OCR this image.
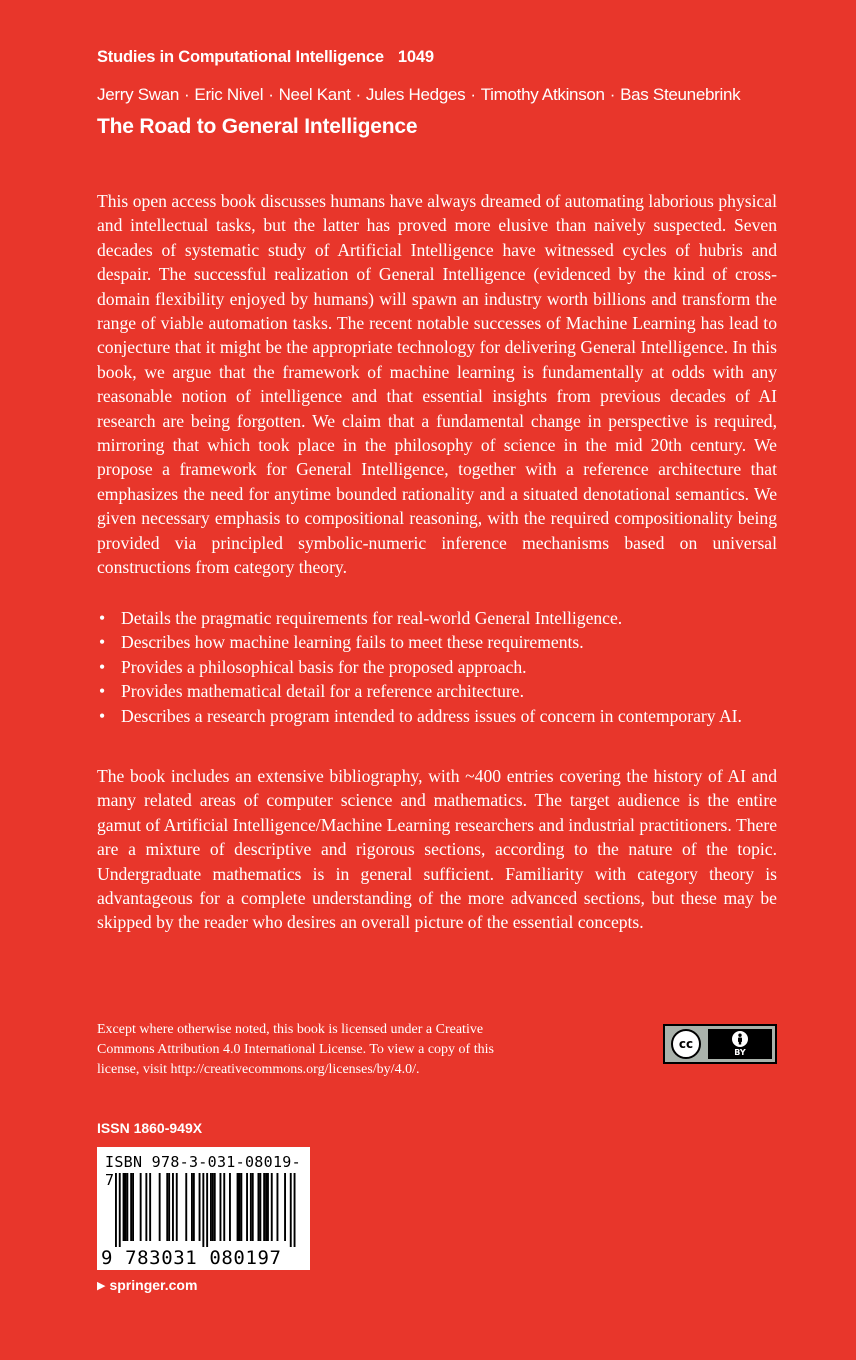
Studies in Computational Intelligence 1049
Jerry Swan · Eric Nivel · Neel Kant · Jules Hedges · Timothy Atkinson · Bas Steunebrink
The Road to General Intelligence

This open access book discusses humans have always dreamed of automating laborious physical and intellectual tasks, but the latter has proved more elusive than naively suspected. Seven decades of systematic study of Artificial Intelligence have witnessed cycles of hubris and despair. The successful realization of General Intelligence (evidenced by the kind of cross-domain flexibility enjoyed by humans) will spawn an industry worth billions and transform the range of viable automation tasks. The recent notable successes of Machine Learning has lead to conjecture that it might be the appropriate technology for delivering General Intelligence. In this book, we argue that the framework of machine learning is fundamentally at odds with any reasonable notion of intelligence and that essential insights from previous decades of AI research are being forgotten. We claim that a fundamental change in perspective is required, mirroring that which took place in the philosophy of science in the mid 20th century. We propose a framework for General Intelligence, together with a reference architecture that emphasizes the need for anytime bounded rationality and a situated denotational semantics. We given necessary emphasis to compositional reasoning, with the required compositionality being provided via principled symbolic-numeric inference mechanisms based on universal constructions from category theory.

• Details the pragmatic requirements for real-world General Intelligence.
• Describes how machine learning fails to meet these requirements.
• Provides a philosophical basis for the proposed approach.
• Provides mathematical detail for a reference architecture.
• Describes a research program intended to address issues of concern in contemporary AI.

The book includes an extensive bibliography, with ~400 entries covering the history of AI and many related areas of computer science and mathematics. The target audience is the entire gamut of Artificial Intelligence/Machine Learning researchers and industrial practitioners. There are a mixture of descriptive and rigorous sections, according to the nature of the topic. Undergraduate mathematics is in general sufficient. Familiarity with category theory is advantageous for a complete understanding of the more advanced sections, but these may be skipped by the reader who desires an overall picture of the essential concepts.

Except where otherwise noted, this book is licensed under a Creative Commons Attribution 4.0 International License. To view a copy of this license, visit http://creativecommons.org/licenses/by/4.0/.

cc
BY
ISSN 1860-949X
ISBN 978-3-031-08019-7
9 783031 080197
▶ springer.com
